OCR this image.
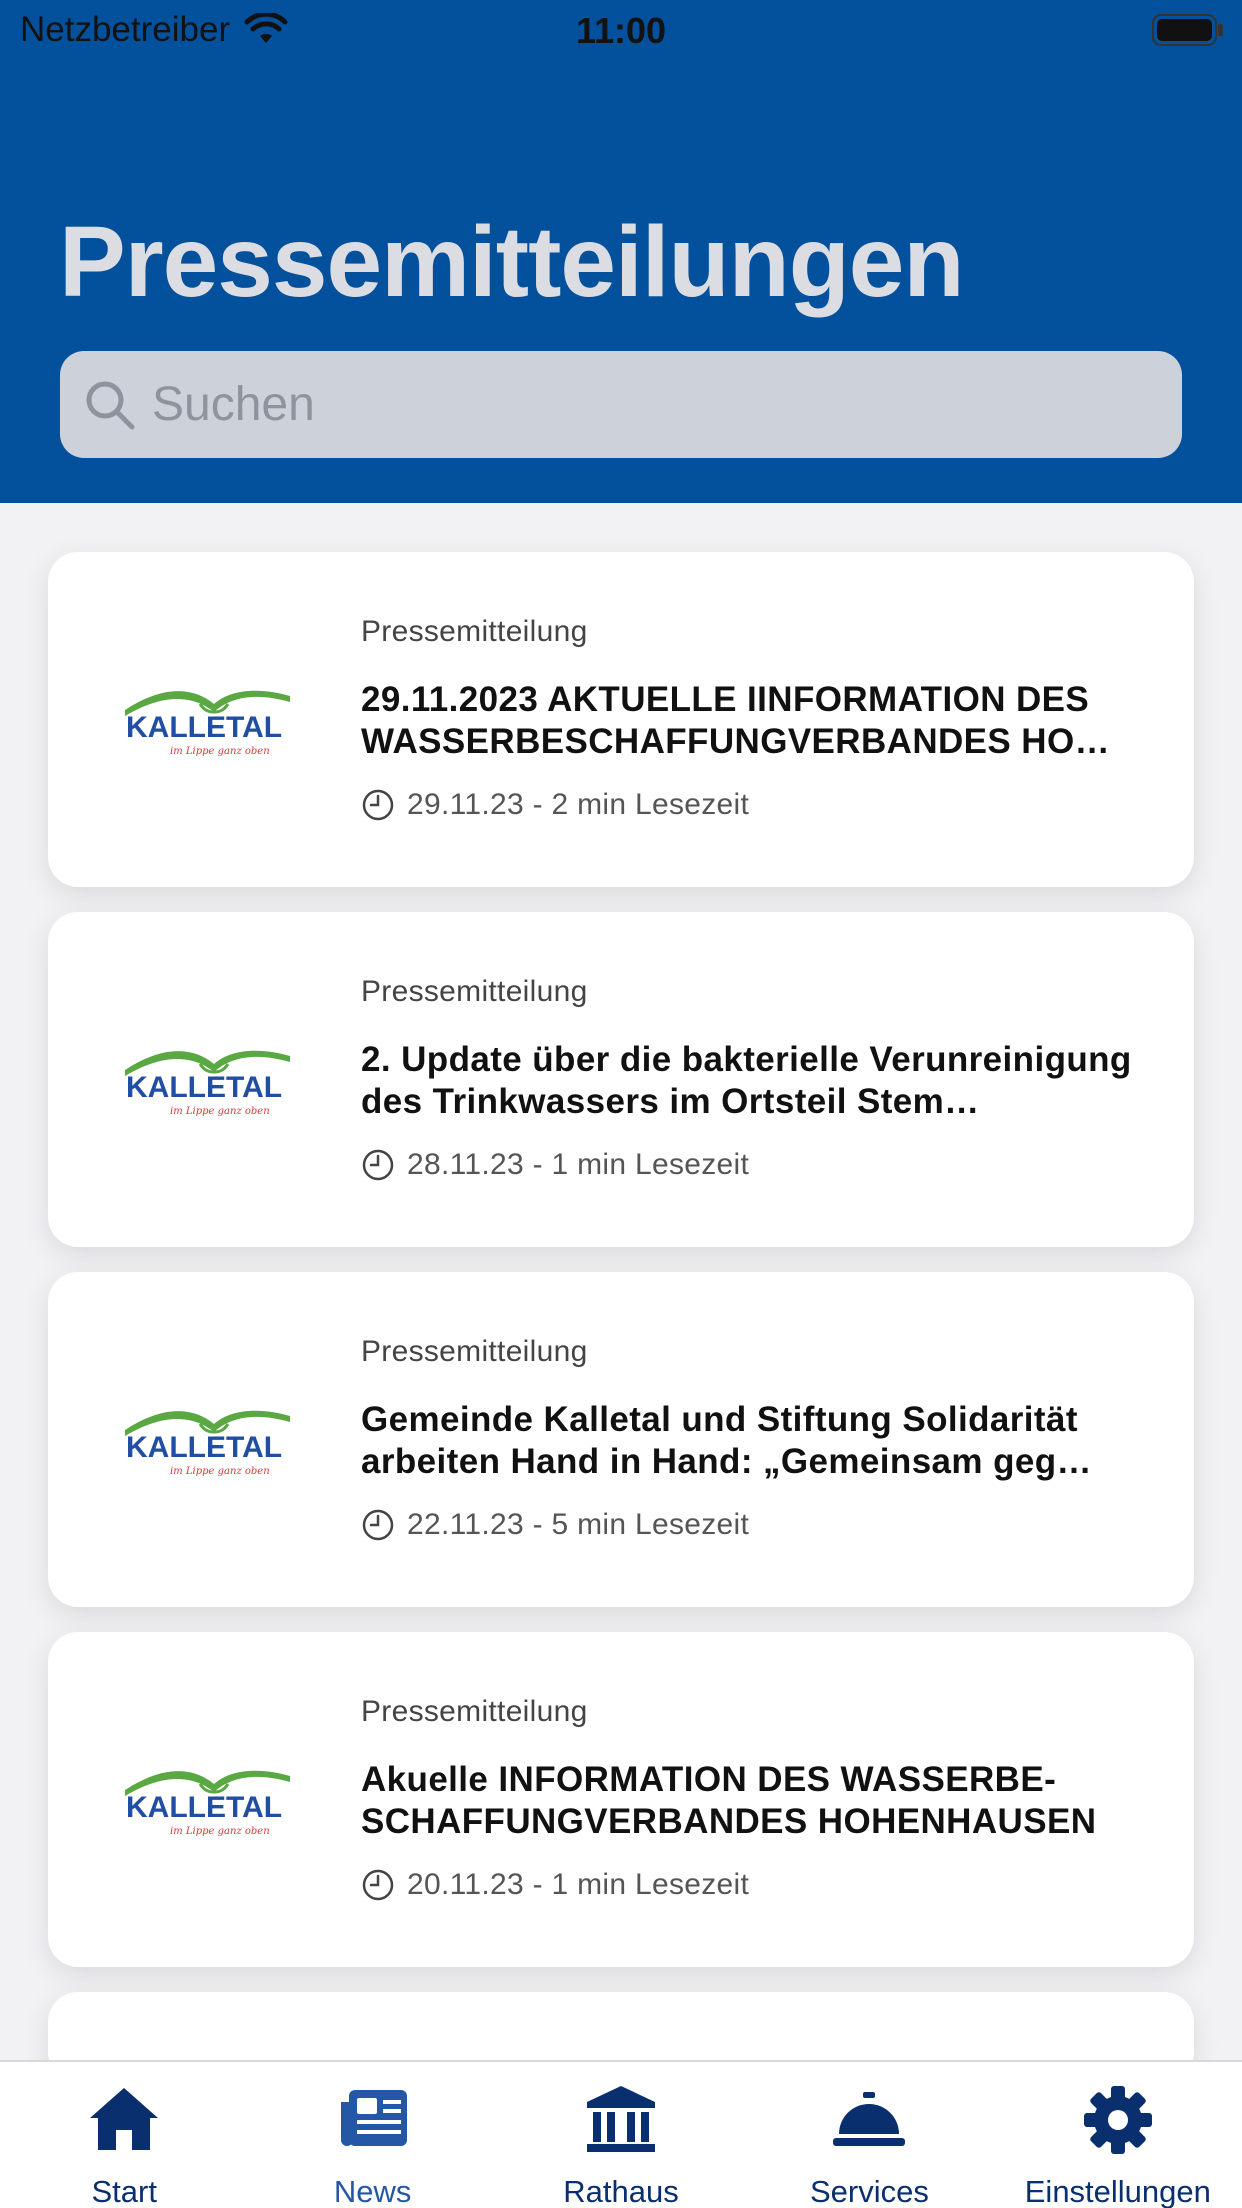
Netzbetreiber	11:00
Pressemitteilungen
Suchen
KALLETAL
im Lippe ganz oben
Pressemitteilung
29.11.2023 AKTUELLE IINFORMATION DES WASSERBESCHAFFUNGVERBANDES HO…
29.11.23 - 2 min Lesezeit
KALLETAL
im Lippe ganz oben
Pressemitteilung
2. Update über die bakterielle Verunreinigung des Trinkwassers im Ortsteil Stem…
28.11.23 - 1 min Lesezeit
KALLETAL
im Lippe ganz oben
Pressemitteilung
Gemeinde Kalletal und Stiftung Solidarität arbeiten Hand in Hand: „Gemeinsam geg…
22.11.23 - 5 min Lesezeit
KALLETAL
im Lippe ganz oben
Pressemitteilung
Akuelle INFORMATION DES WASSERBESCHAFFUNGVERBANDES HOHENHAUSEN
20.11.23 - 1 min Lesezeit
Start	News	Rathaus	Services	Einstellungen
